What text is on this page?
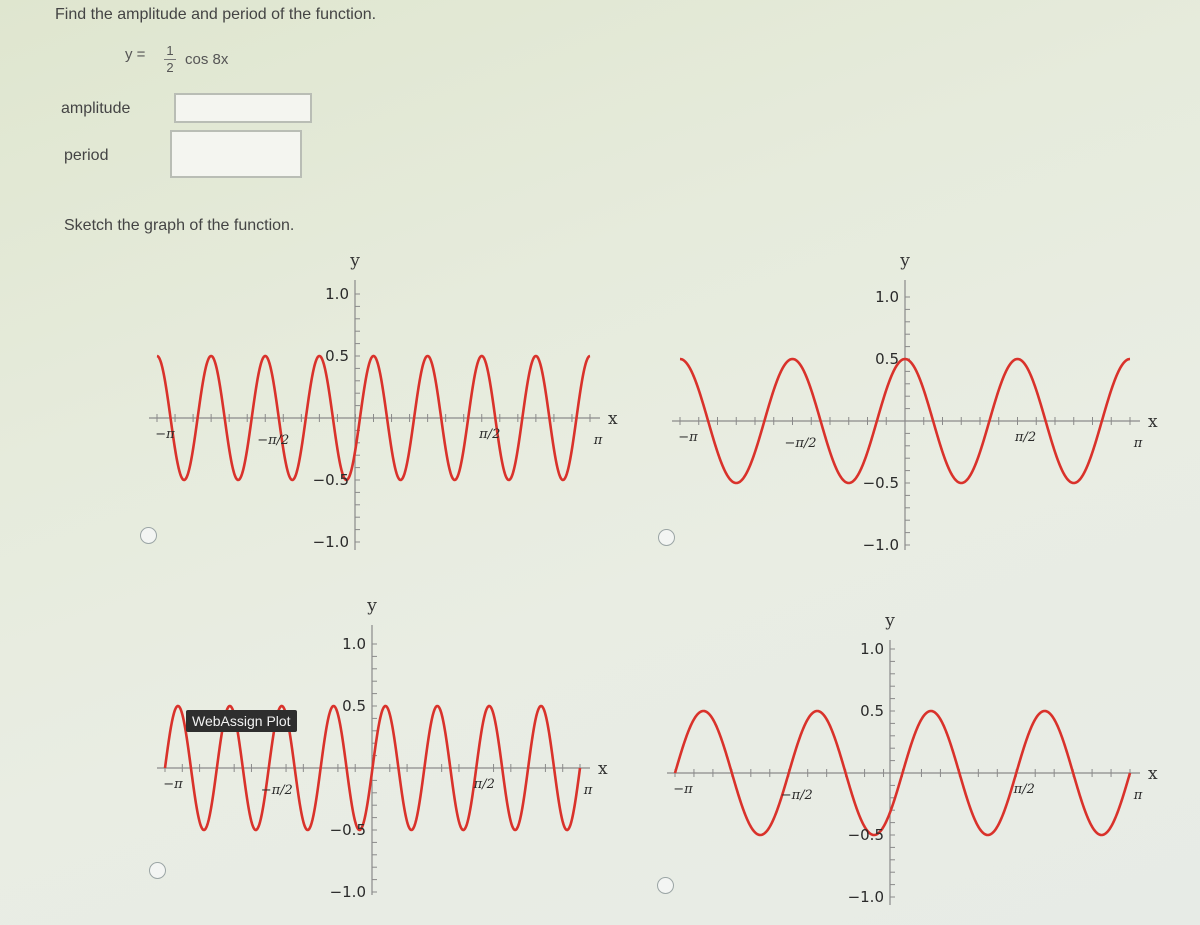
Find the amplitude and period of the function.
y = 1
2 cos 8x
amplitude
period
Sketch the graph of the function.
1.0
0.5
−0.5
−1.0
−π	−π/2	π/2	π
y
x
1.0
0.5
−0.5
−1.0
−π	−π/2	π/2	π
y
x
1.0
0.5
−0.5
−1.0
−π	−π/2	π/2	π
y
x
1.0
0.5
−0.5
−1.0
−π	−π/2	π/2	π
y
x
WebAssign Plot
